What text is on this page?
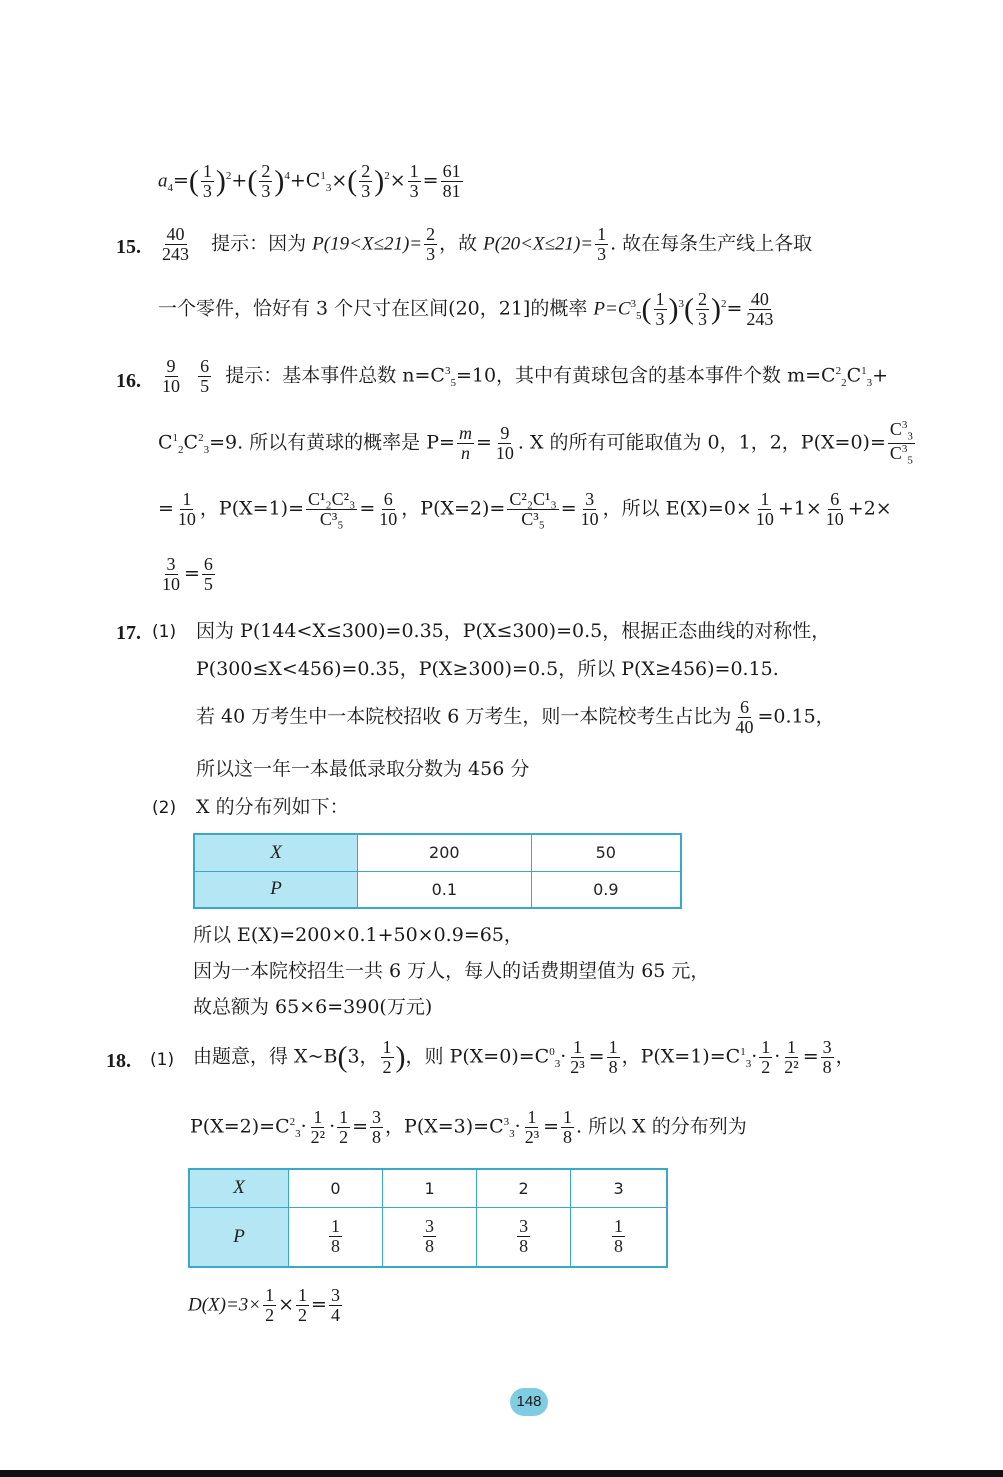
$a_4=( \frac{1}{3} )^2+( \frac{2}{3} )^4+C^1_3\times( \frac{2}{3} )^2\times \frac{1}{3} = \frac{61}{81}$
15. $\frac{40}{243}$ 提示：因为 $P(19<X\le 21)= \frac{2}{3}$ ，故 $P(20<X\le 21)= \frac{1}{3}$ . 故在每条生产线上各取
一个零件，恰好有 3 个尺寸在区间(20，21]的概率 $P=C^3_5( \frac{1}{3} )^3( \frac{2}{3} )^2= \frac{40}{243}$
16. $\frac{9}{10}$
$\frac{6}{5}$ 提示：基本事件总数 $n=C^3_5=10$，其中有黄球包含的基本事件个数 $m=C^2_2C^1_3+$
$C^1_2C^2_3=9$. 所以有黄球的概率是 $P= \frac{m}{n} = \frac{9}{10}$ . X 的所有可能取值为 0，1，2，$P(X=0)= \frac{C^3_3}{C^3_5}$
= $\frac{1}{10}$ ，$P(X=1)= \frac{\text{C¹₂C²₃}}{\text{C³₅}} = \frac{6}{10}$ ，$P(X=2)= \frac{\text{C²₂C¹₃}}{\text{C³₅}} = \frac{3}{10}$ ，所以 $E(X)=0\times \frac{1}{10} +1\times \frac{6}{10} +2\times$
$\frac{3}{10} = \frac{6}{5}$
17. (1) 因为 P(144<X≤300)=0.35，P(X≤300)=0.5，根据正态曲线的对称性，
P(300≤X<456)=0.35，P(X≥300)=0.5，所以 P(X≥456)=0.15.
若 40 万考生中一本院校招收 6 万考生，则一本院校考生占比为 $\frac{6}{40} =0.15$，
所以这一年一本最低录取分数为 456 分
(2) X 的分布列如下：
X	200	50
P	0.1	0.9
所以 E(X)=200×0.1+50×0.9=65，
因为一本院校招生一共 6 万人，每人的话费期望值为 65 元，
故总额为 65×6=390(万元)
18. (1) 由题意，得 X~B(3， $\frac{1}{2}$ )，则 $P(X=0)=C^0_3\cdot \frac{1}{\text{2³}} = \frac{1}{8}$ ，$P(X=1)=C^1_3\cdot \frac{1}{2} \cdot \frac{1}{\text{2²}} = \frac{3}{8}$ ，
$P(X=2)=C^2_3\cdot \frac{1}{\text{2²}} \cdot \frac{1}{2} = \frac{3}{8}$ ，$P(X=3)=C^3_3\cdot \frac{1}{\text{2³}} = \frac{1}{8}$ . 所以 X 的分布列为
X	0	1	2	3
P	$\frac{1}{8}$	$\frac{3}{8}$	$\frac{3}{8}$	$\frac{1}{8}$
$D(X)=3\times \frac{1}{2} \times \frac{1}{2} = \frac{3}{4}$
148
